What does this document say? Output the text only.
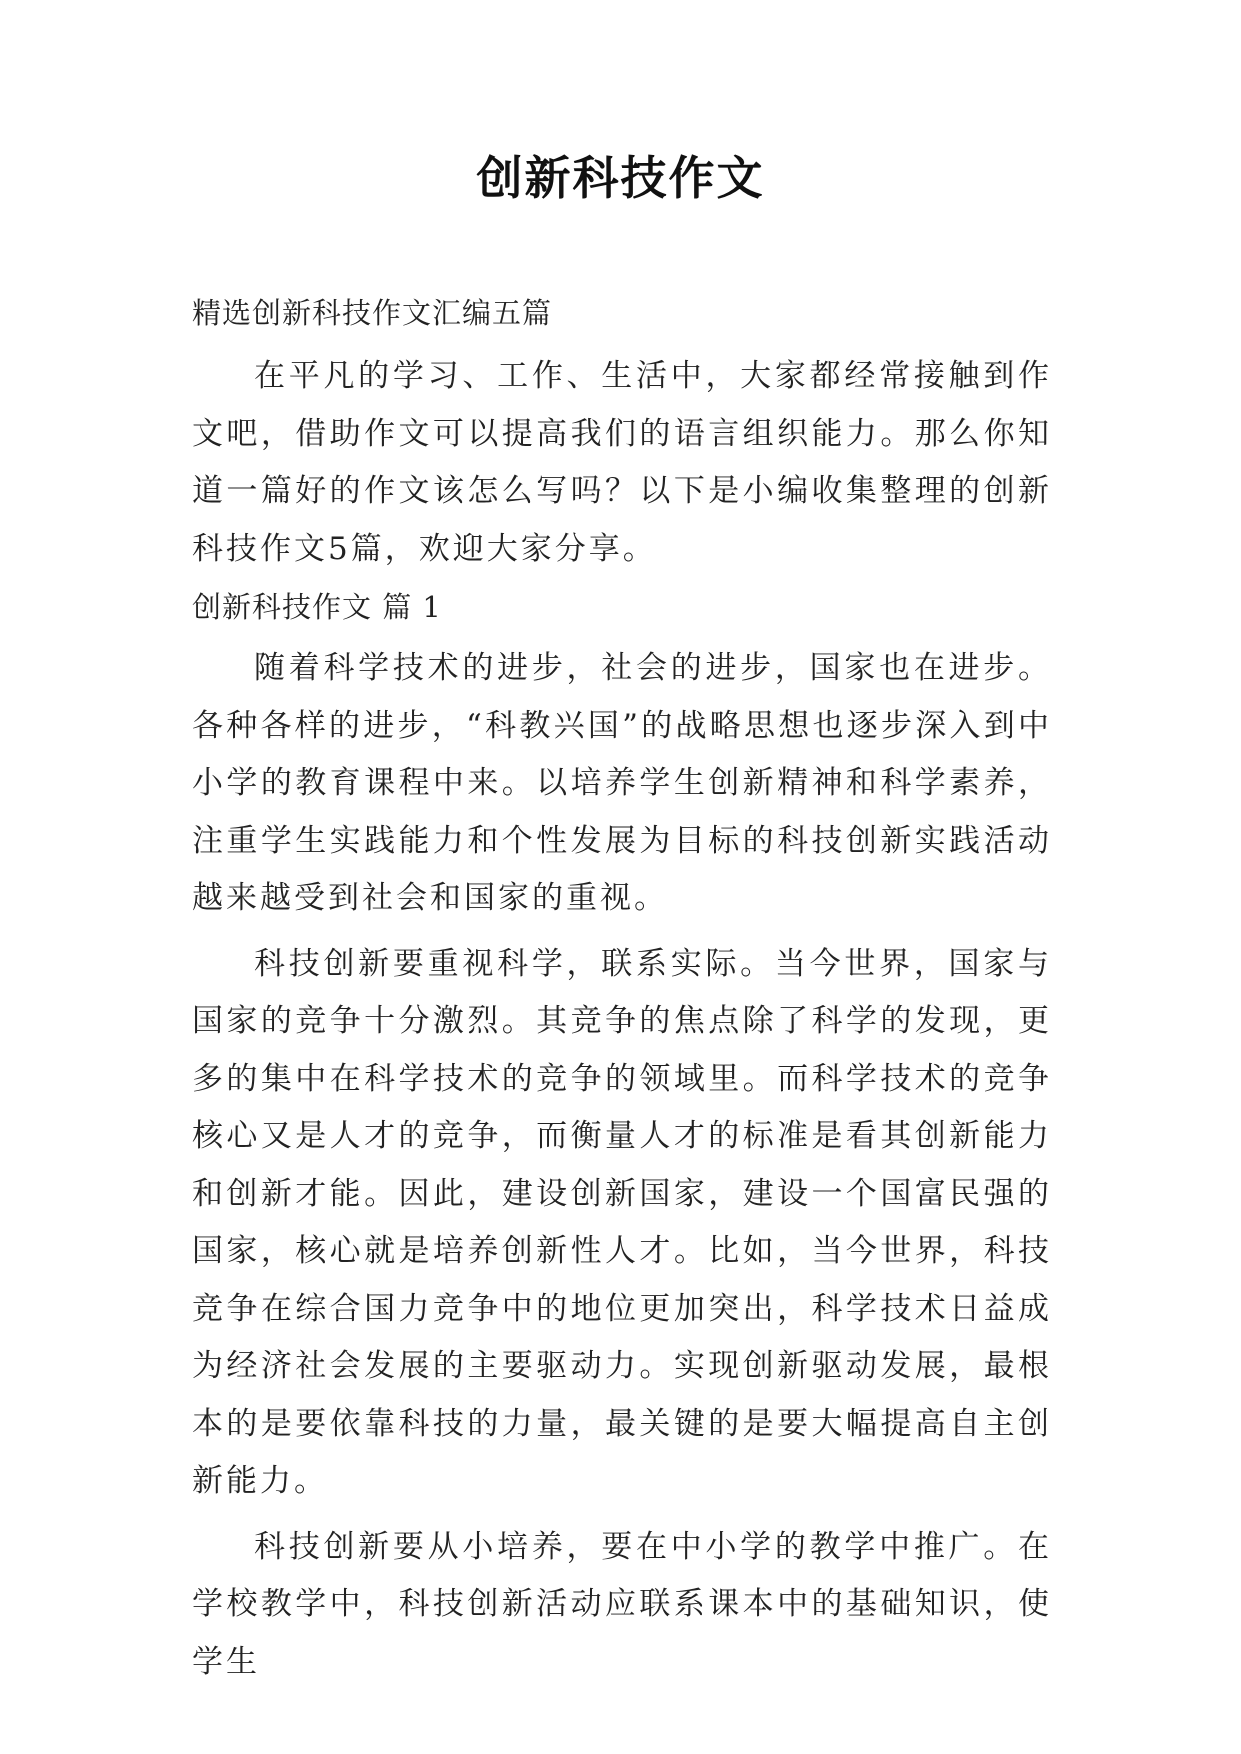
创新科技作文
精选创新科技作文汇编五篇

在平凡的学习、工作、生活中，大家都经常接触到作文吧，借助作文可以提高我们的语言组织能力。那么你知道一篇好的作文该怎么写吗？以下是小编收集整理的创新科技作文5篇，欢迎大家分享。

创新科技作文 篇 1

随着科学技术的进步，社会的进步，国家也在进步。各种各样的进步，“科教兴国”的战略思想也逐步深入到中小学的教育课程中来。以培养学生创新精神和科学素养，注重学生实践能力和个性发展为目标的科技创新实践活动越来越受到社会和国家的重视。

科技创新要重视科学，联系实际。当今世界，国家与国家的竞争十分激烈。其竞争的焦点除了科学的发现，更多的集中在科学技术的竞争的领域里。而科学技术的竞争核心又是人才的竞争，而衡量人才的标准是看其创新能力和创新才能。因此，建设创新国家，建设一个国富民强的国家，核心就是培养创新性人才。比如，当今世界，科技竞争在综合国力竞争中的地位更加突出，科学技术日益成为经济社会发展的主要驱动力。实现创新驱动发展，最根本的是要依靠科技的力量，最关键的是要大幅提高自主创新能力。

科技创新要从小培养，要在中小学的教学中推广。在学校教学中，科技创新活动应联系课本中的基础知识，使学生
